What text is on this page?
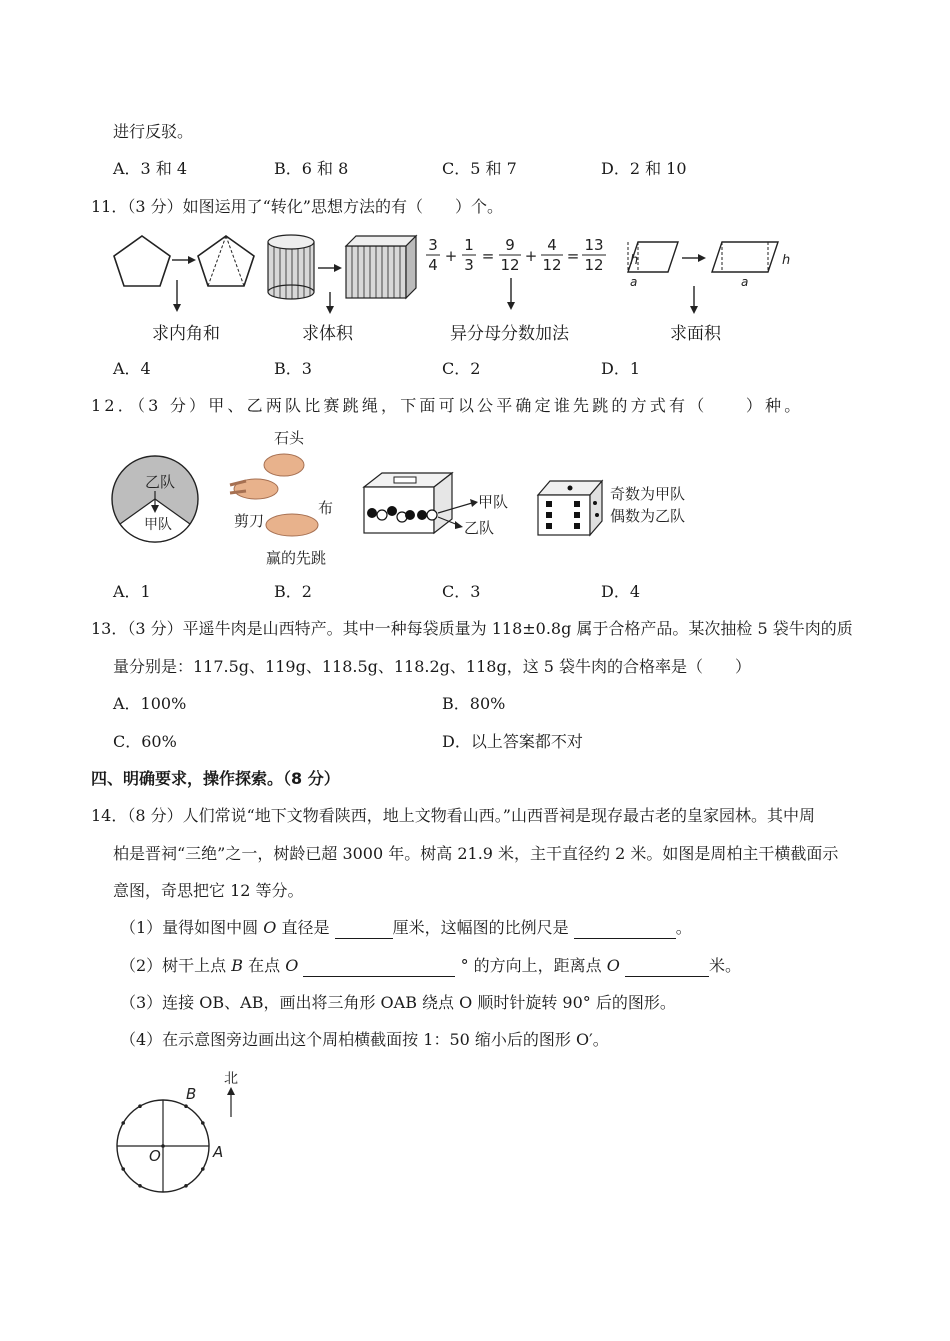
进行反驳。
A．3 和 4	B．6 和 8	C．5 和 7	D．2 和 10
11．（3 分）如图运用了“转化”思想方法的有（　　）个。
3
4 +
1
3 =
9
12 +
4
12 =
13
12 h
a
h
a
求内角和	求体积	异分母分数加法	求面积
A．4	B．3	C．2	D．1
12．（3 分）甲、乙两队比赛跳绳，下面可以公平确定谁先跳的方式有（　　）种。
乙队
甲队
石头
剪刀
布
赢的先跳
甲队
乙队
奇数为甲队
偶数为乙队
A．1	B．2	C．3	D．4
13．（3 分）平遥牛肉是山西特产。其中一种每袋质量为 118±0.8g 属于合格产品。某次抽检 5 袋牛肉的质
量分别是：117.5g、119g、118.5g、118.2g、118g，这 5 袋牛肉的合格率是（　　）
A．100%	B．80%
C．60%	D．以上答案都不对
四、明确要求，操作探索。（8 分）
14．（8 分）人们常说“地下文物看陕西，地上文物看山西。”山西晋祠是现存最古老的皇家园林。其中周
柏是晋祠“三绝”之一，树龄已超 3000 年。树高 21.9 米，主干直径约 2 米。如图是周柏主干横截面示
意图，奇思把它 12 等分。
（1）量得如图中圆 O 直径是	厘米，这幅图的比例尺是	。
（2）树干上点 B 在点 O	° 的方向上，距离点 O	米。
（3）连接 OB、AB，画出将三角形 OAB 绕点 O 顺时针旋转 90° 后的图形。
（4）在示意图旁边画出这个周柏横截面按 1：50 缩小后的图形 O′。
北
B
O	A
